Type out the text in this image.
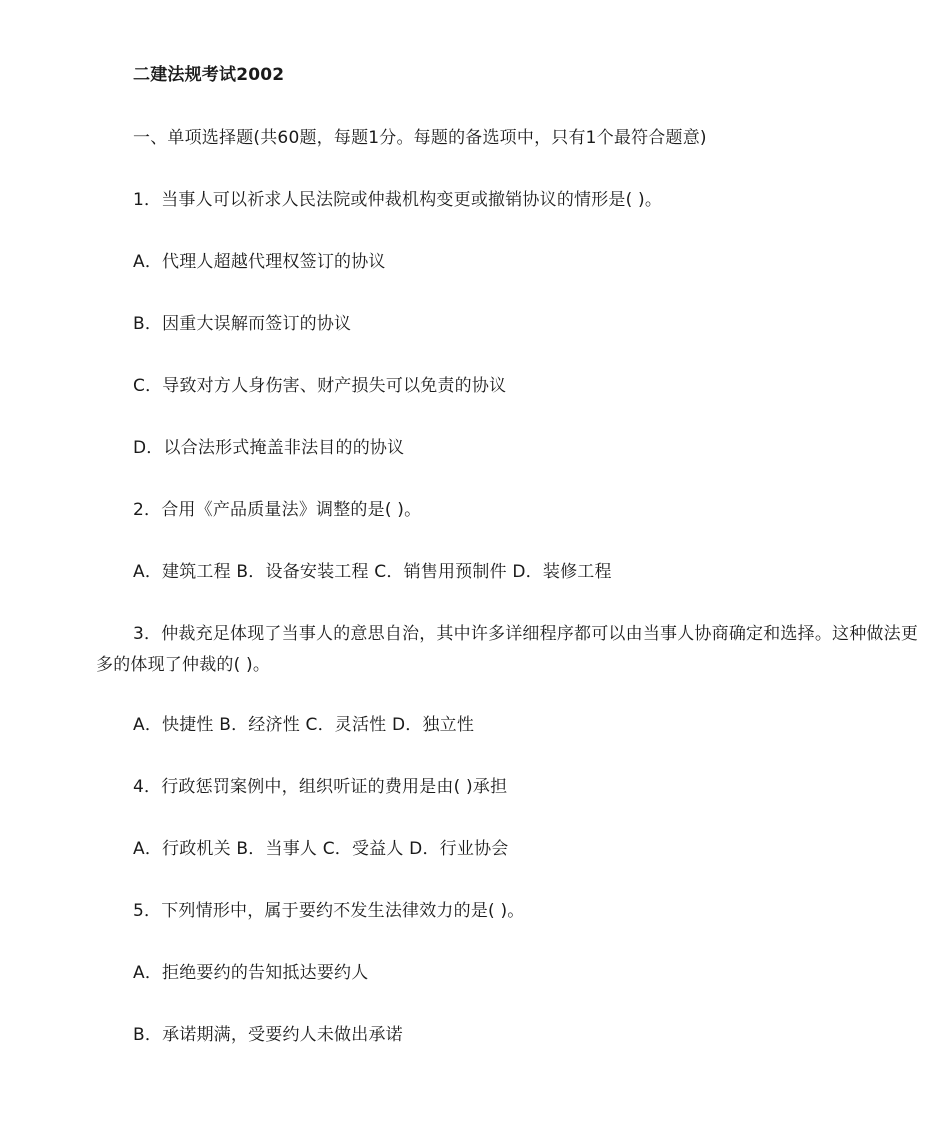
二建法规考试2002
一、单项选择题(共60题，每题1分。每题的备选项中，只有1个最符合题意)
1．当事人可以祈求人民法院或仲裁机构变更或撤销协议的情形是( )。
A．代理人超越代理权签订的协议
B．因重大误解而签订的协议
C．导致对方人身伤害、财产损失可以免责的协议
D．以合法形式掩盖非法目的的协议
2．合用《产品质量法》调整的是( )。
A．建筑工程 B．设备安装工程 C．销售用预制件 D．装修工程
3．仲裁充足体现了当事人的意思自治，其中许多详细程序都可以由当事人协商确定和选择。这种做法更多的体现了仲裁的( )。
A．快捷性 B．经济性 C．灵活性 D．独立性
4．行政惩罚案例中，组织听证的费用是由( )承担
A．行政机关 B．当事人 C．受益人 D．行业协会
5．下列情形中，属于要约不发生法律效力的是( )。
A．拒绝要约的告知抵达要约人
B．承诺期满，受要约人未做出承诺
